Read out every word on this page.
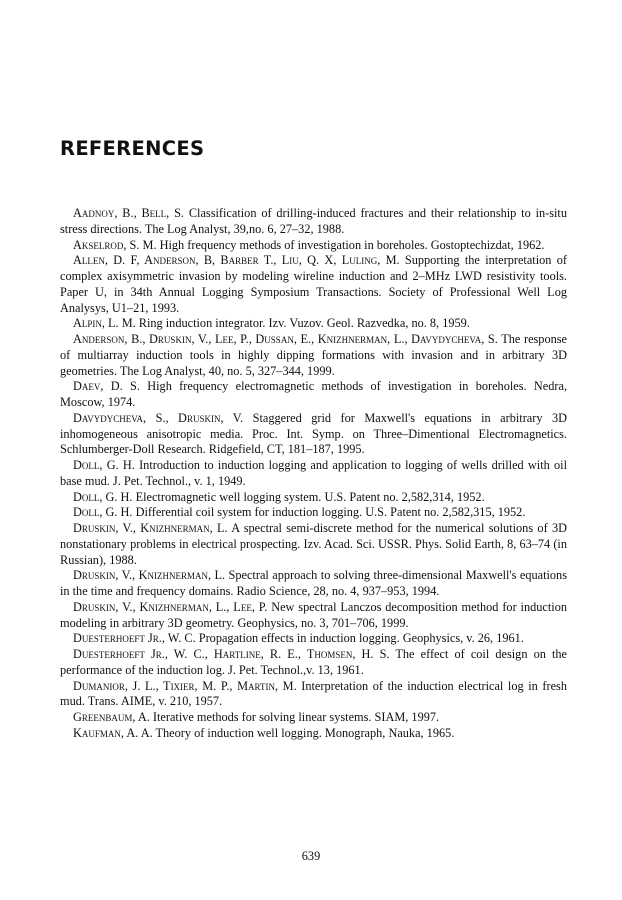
REFERENCES

Aadnoy, B., Bell, S. Classification of drilling-induced fractures and their relationship to in-situ stress directions. The Log Analyst, 39,no. 6, 27–32, 1988.

Akselrod, S. M. High frequency methods of investigation in boreholes. Gostoptechizdat, 1962.

Allen, D. F, Anderson, B, Barber T., Liu, Q. X, Luling, M. Supporting the interpretation of complex axisymmetric invasion by modeling wireline induction and 2–MHz LWD resistivity tools. Paper U, in 34th Annual Logging Symposium Transactions. Society of Professional Well Log Analysys, U1–21, 1993.

Alpin, L. M. Ring induction integrator. Izv. Vuzov. Geol. Razvedka, no. 8, 1959.

Anderson, B., Druskin, V., Lee, P., Dussan, E., Knizhnerman, L., Davydycheva, S. The response of multiarray induction tools in highly dipping formations with invasion and in arbitrary 3D geometries. The Log Analyst, 40, no. 5, 327–344, 1999.

Daev, D. S. High frequency electromagnetic methods of investigation in boreholes. Nedra, Moscow, 1974.

Davydycheva, S., Druskin, V. Staggered grid for Maxwell's equations in arbitrary 3D inhomogeneous anisotropic media. Proc. Int. Symp. on Three–Dimentional Electromagnetics. Schlumberger-Doll Research. Ridgefield, CT, 181–187, 1995.

Doll, G. H. Introduction to induction logging and application to logging of wells drilled with oil base mud. J. Pet. Technol., v. 1, 1949.

Doll, G. H. Electromagnetic well logging system. U.S. Patent no. 2,582,314, 1952.

Doll, G. H. Differential coil system for induction logging. U.S. Patent no. 2,582,315, 1952.

Druskin, V., Knizhnerman, L. A spectral semi-discrete method for the numerical solutions of 3D nonstationary problems in electrical prospecting. Izv. Acad. Sci. USSR. Phys. Solid Earth, 8, 63–74 (in Russian), 1988.

Druskin, V., Knizhnerman, L. Spectral approach to solving three-dimensional Maxwell's equations in the time and frequency domains. Radio Science, 28, no. 4, 937–953, 1994.

Druskin, V., Knizhnerman, L., Lee, P. New spectral Lanczos decomposition method for induction modeling in arbitrary 3D geometry. Geophysics, no. 3, 701–706, 1999.

Duesterhoeft Jr., W. C. Propagation effects in induction logging. Geophysics, v. 26, 1961.

Duesterhoeft Jr., W. C., Hartline, R. E., Thomsen, H. S. The effect of coil design on the performance of the induction log. J. Pet. Technol.,v. 13, 1961.

Dumanior, J. L., Tixier, M. P., Martin, M. Interpretation of the induction electrical log in fresh mud. Trans. AIME, v. 210, 1957.

Greenbaum, A. Iterative methods for solving linear systems. SIAM, 1997.

Kaufman, A. A. Theory of induction well logging. Monograph, Nauka, 1965.

639
